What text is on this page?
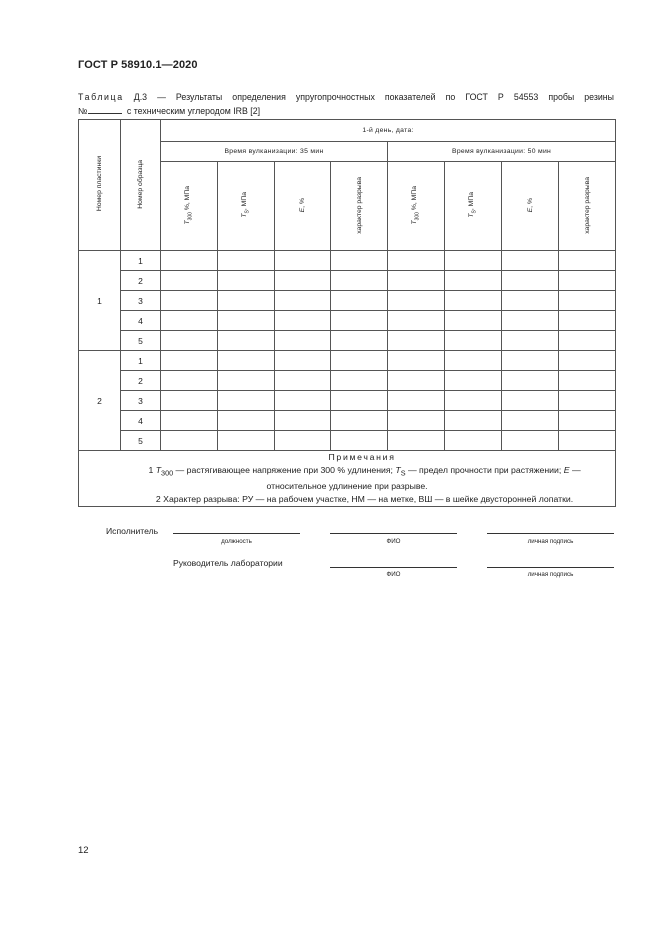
ГОСТ Р 58910.1—2020
Таблица Д.3 — Результаты определения упругопрочностных показателей по ГОСТ Р 54553 пробы резины
№	с техническим углеродом IRB [2]
Номер пластинки	Номер образца	1-й день, дата:							
		Время вулканизации: 35 мин				Время вулканизации: 50 мин			
		$T_{300}$ %, МПа	$T_S$, МПа	E, %	характер разрыва	$T_{300}$ %, МПа	$T_S$, МПа	E, %	характер разрыва
1	1								
	2								
	3								
	4								
	5								
2	1								
	2								
	3								
	4								
	5								

Примечания
1 $T_{300}$ — растягивающее напряжение при 300 % удлинения; $T_S$ — предел прочности при растяжении; E —
относительное удлинение при разрыве.
2 Характер разрыва: РУ — на рабочем участке, НМ — на метке, ВШ — в шейке двусторонней лопатки.									
Исполнитель
должность	ФИО	личная подпись
Руководитель лаборатории
ФИО	личная подпись
12
